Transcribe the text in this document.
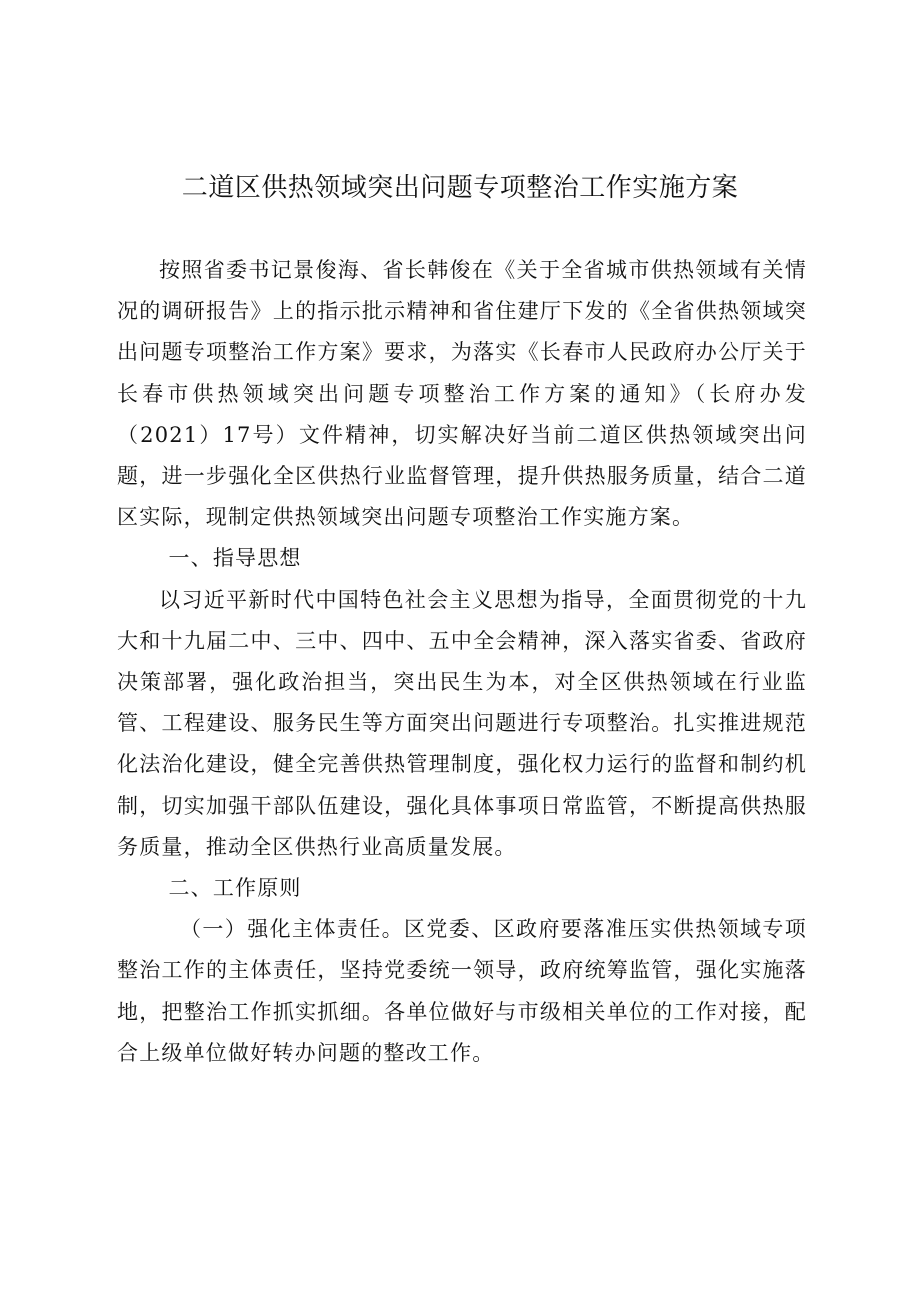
二道区供热领域突出问题专项整治工作实施方案

按照省委书记景俊海、省长韩俊在《关于全省城市供热领域有关情况的调研报告》上的指示批示精神和省住建厅下发的《全省供热领域突出问题专项整治工作方案》要求，为落实《长春市人民政府办公厅关于长春市供热领域突出问题专项整治工作方案的通知》（长府办发（2021）17号）文件精神，切实解决好当前二道区供热领域突出问题，进一步强化全区供热行业监督管理，提升供热服务质量，结合二道区实际，现制定供热领域突出问题专项整治工作实施方案。

一、指导思想

以习近平新时代中国特色社会主义思想为指导，全面贯彻党的十九大和十九届二中、三中、四中、五中全会精神，深入落实省委、省政府决策部署，强化政治担当，突出民生为本，对全区供热领域在行业监管、工程建设、服务民生等方面突出问题进行专项整治。扎实推进规范化法治化建设，健全完善供热管理制度，强化权力运行的监督和制约机制，切实加强干部队伍建设，强化具体事项日常监管，不断提高供热服务质量，推动全区供热行业高质量发展。

二、工作原则

（一）强化主体责任。区党委、区政府要落准压实供热领域专项整治工作的主体责任，坚持党委统一领导，政府统筹监管，强化实施落地，把整治工作抓实抓细。各单位做好与市级相关单位的工作对接，配合上级单位做好转办问题的整改工作。
